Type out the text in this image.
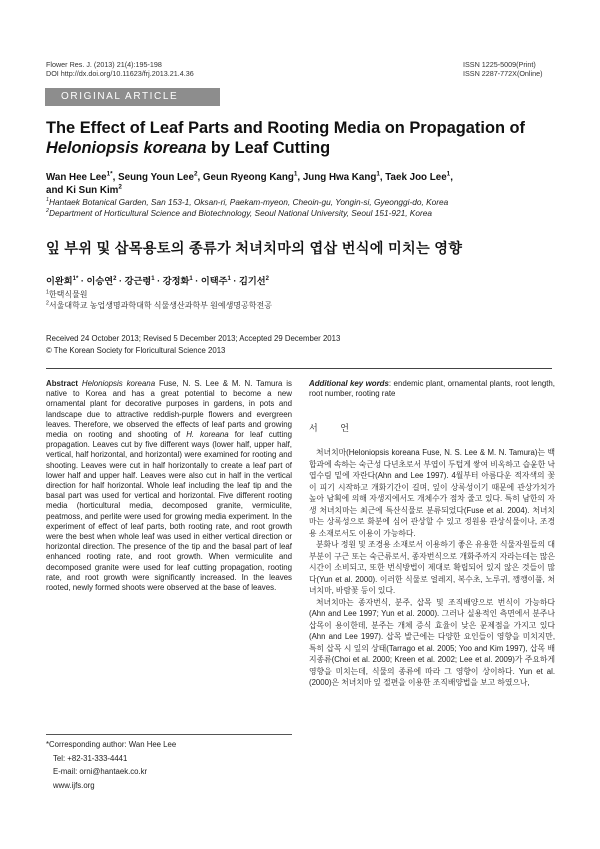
Flower Res. J. (2013) 21(4):195-198
DOI http://dx.doi.org/10.11623/frj.2013.21.4.36
ISSN 1225-5009(Print)
ISSN 2287-772X(Online)
ORIGINAL ARTICLE
The Effect of Leaf Parts and Rooting Media on Propagation of
Heloniopsis koreana by Leaf Cutting
Wan Hee Lee$^{1*}$, Seung Youn Lee$^2$, Geun Ryeong Kang$^1$, Jung Hwa Kang$^1$, Taek Joo Lee$^1$,
and Ki Sun Kim$^2$
$^1$Hantaek Botanical Garden, San 153-1, Oksan-ri, Paekam-myeon, Cheoin-gu, Yongin-si, Gyeonggi-do, Korea
$^2$Department of Horticultural Science and Biotechnology, Seoul National University, Seoul 151-921, Korea
잎 부위 및 삽목용토의 종류가 처녀치마의 엽삽 번식에 미치는 영향
이완희$^{1*}$ · 이승연$^2$ · 강근령$^1$ · 강정화$^1$ · 이택주$^1$ · 김기선$^2$
$^1$한택식물원
$^2$서울대학교 농업생명과학대학 식물생산과학부 원예생명공학전공
Received 24 October 2013; Revised 5 December 2013; Accepted 29 December 2013
© The Korean Society for Floricultural Science 2013
Abstract Heloniopsis koreana Fuse, N. S. Lee & M. N. Tamura is native to Korea and has a great potential to become a new ornamental plant for decorative purposes in gardens, in pots and landscape due to attractive reddish-purple flowers and evergreen leaves. Therefore, we observed the effects of leaf parts and growing media on rooting and shooting of H. koreana for leaf cutting propagation. Leaves cut by five different ways (lower half, upper half, vertical, half horizontal, and horizontal) were examined for rooting and shooting. Leaves were cut in half horizontally to create a leaf part of lower half and upper half. Leaves were also cut in half in the vertical direction for half horizontal. Whole leaf including the leaf tip and the basal part was used for vertical and horizontal. Five different rooting media (horticultural media, decomposed granite, vermiculite, peatmoss, and perlite were used for growing media experiment. In the experiment of effect of leaf parts, both rooting rate, and root growth were the best when whole leaf was used in either vertical direction or horizontal direction. The presence of the tip and the basal part of leaf enhanced rooting rate, and root growth. When vermiculite and decomposed granite were used for leaf cutting propagation, rooting rate, and root growth were significantly increased. In the leaves rooted, newly formed shoots were observed at the base of leaves.
Additional key words: endemic plant, ornamental plants, root length, root number, rooting rate
서 언

처녀치마(Heloniopsis koreana Fuse, N. S. Lee & M. N. Tamura)는 백합과에 속하는 숙근성 다년초로서 부엽이 두텁게 쌓여 비옥하고 습윤한 낙엽수림 밑에 자란다(Ahn and Lee 1997). 4월부터 아름다운 적자색의 꽃이 피기 시작하고 개화기간이 길며, 잎이 상록성이기 때문에 관상가치가 높아 남획에 의해 자생지에서도 개체수가 점차 줄고 있다. 특히 남한의 자생 처녀치마는 최근에 특산식물로 분류되었다(Fuse et al. 2004). 처녀치마는 상록성으로 화분에 심어 관상할 수 있고 정원용 관상식물이나, 조경용 소재로서도 이용이 가능하다.

분화나 정원 및 조경용 소재로서 이용하기 좋은 유용한 식물자원들의 대부분이 구근 또는 숙근류로서, 종자번식으로 개화주까지 자라는데는 많은 시간이 소비되고, 또한 번식방법이 제대로 확립되어 있지 않은 것들이 많다(Yun et al. 2000). 이러한 식물로 얼레지, 복수초, 노루귀, 깽깽이풀, 처녀치마, 바람꽃 등이 있다.

처녀치마는 종자번식, 분주, 삽목 및 조직배양으로 번식이 가능하다(Ahn and Lee 1997; Yun et al. 2000). 그러나 실용적인 측면에서 분주나 삽목이 용이한데, 분주는 개체 증식 효율이 낮은 문제점을 가지고 있다(Ahn and Lee 1997). 삽목 발근에는 다양한 요인들이 영향을 미치지만, 특히 삽목 시 잎의 상태(Tarrago et al. 2005; Yoo and Kim 1997), 삽목 배지종류(Choi et al. 2000; Kreen et al. 2002; Lee et al. 2009)가 주요하게 영향을 미치는데, 식물의 종류에 따라 그 영향이 상이하다. Yun et al. (2000)은 처녀치마 잎 절편을 이용한 조직배양법을 보고 하였으나,

*Corresponding author: Wan Hee Lee
Tel: +82-31-333-4441
E-mail: orni@hantaek.co.kr
www.ijfs.org
